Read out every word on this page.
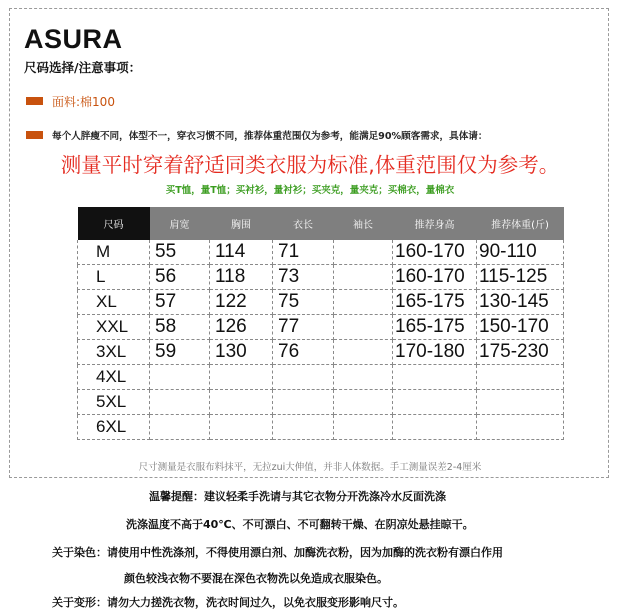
ASURA
尺码选择/注意事项：
面料:棉100
每个人胖瘦不同，体型不一，穿衣习惯不同，推荐体重范围仅为参考，能满足90%顾客需求，具体请：
测量平时穿着舒适同类衣服为标准,体重范围仅为参考。
买T恤，量T恤；买衬衫，量衬衫；买夹克，量夹克；买棉衣，量棉衣
尺码	肩宽	胸围	衣长	袖长	推荐身高	推荐体重(斤)
M	55	114	71		160-170	90-110
L	56	118	73		160-170	115-125
XL	57	122	75		165-175	130-145
XXL	58	126	77		165-175	150-170
3XL	59	130	76		170-180	175-230
4XL						
5XL						
6XL						
尺寸测量是衣服布料抹平，无拉zui大伸值，并非人体数据。手工测量误差2-4厘米
温馨提醒：建议轻柔手洗请与其它衣物分开洗涤冷水反面洗涤
洗涤温度不高于40℃、不可漂白、不可翻转干燥、在阴凉处悬挂晾干。
关于染色：请使用中性洗涤剂，不得使用漂白剂、加酶洗衣粉，因为加酶的洗衣粉有漂白作用
颜色较浅衣物不要混在深色衣物洗以免造成衣服染色。
关于变形：请勿大力搓洗衣物，洗衣时间过久，以免衣服变形影响尺寸。
